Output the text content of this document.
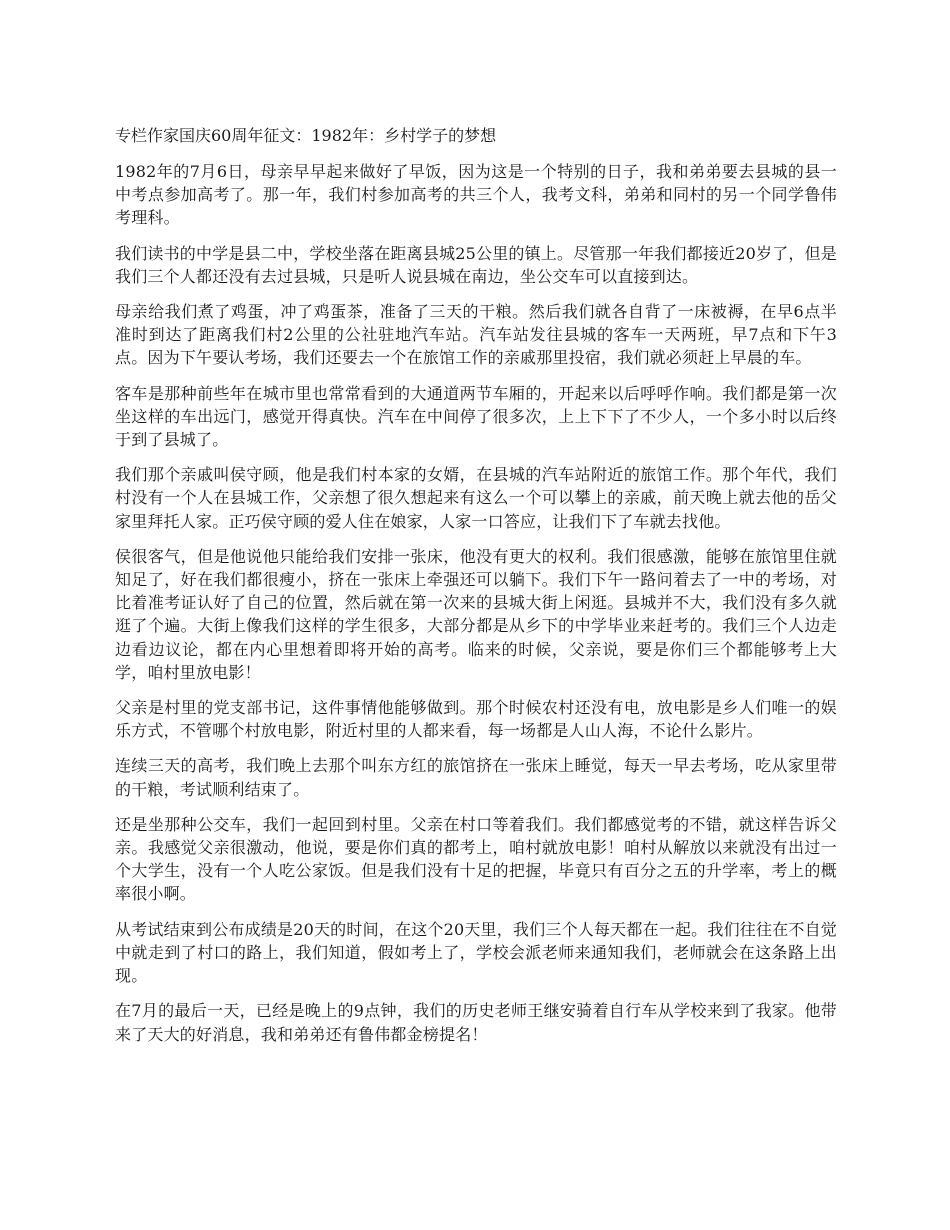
专栏作家国庆60周年征文：1982年：乡村学子的梦想

1982年的7月6日，母亲早早起来做好了早饭，因为这是一个特别的日子，我和弟弟要去县城的县一中考点参加高考了。那一年，我们村参加高考的共三个人，我考文科，弟弟和同村的另一个同学鲁伟考理科。

我们读书的中学是县二中，学校坐落在距离县城25公里的镇上。尽管那一年我们都接近20岁了，但是我们三个人都还没有去过县城，只是听人说县城在南边，坐公交车可以直接到达。

母亲给我们煮了鸡蛋，冲了鸡蛋茶，准备了三天的干粮。然后我们就各自背了一床被褥，在早6点半准时到达了距离我们村2公里的公社驻地汽车站。汽车站发往县城的客车一天两班，早7点和下午3点。因为下午要认考场，我们还要去一个在旅馆工作的亲戚那里投宿，我们就必须赶上早晨的车。

客车是那种前些年在城市里也常常看到的大通道两节车厢的，开起来以后呼呼作响。我们都是第一次坐这样的车出远门，感觉开得真快。汽车在中间停了很多次，上上下下了不少人，一个多小时以后终于到了县城了。

我们那个亲戚叫侯守顾，他是我们村本家的女婿，在县城的汽车站附近的旅馆工作。那个年代，我们村没有一个人在县城工作，父亲想了很久想起来有这么一个可以攀上的亲戚，前天晚上就去他的岳父家里拜托人家。正巧侯守顾的爱人住在娘家，人家一口答应，让我们下了车就去找他。

侯很客气，但是他说他只能给我们安排一张床，他没有更大的权利。我们很感激，能够在旅馆里住就知足了，好在我们都很瘦小，挤在一张床上牵强还可以躺下。我们下午一路问着去了一中的考场，对比着准考证认好了自己的位置，然后就在第一次来的县城大街上闲逛。县城并不大，我们没有多久就逛了个遍。大街上像我们这样的学生很多，大部分都是从乡下的中学毕业来赶考的。我们三个人边走边看边议论，都在内心里想着即将开始的高考。临来的时候，父亲说，要是你们三个都能够考上大学，咱村里放电影！

父亲是村里的党支部书记，这件事情他能够做到。那个时候农村还没有电，放电影是乡人们唯一的娱乐方式，不管哪个村放电影，附近村里的人都来看，每一场都是人山人海，不论什么影片。

连续三天的高考，我们晚上去那个叫东方红的旅馆挤在一张床上睡觉，每天一早去考场，吃从家里带的干粮，考试顺利结束了。

还是坐那种公交车，我们一起回到村里。父亲在村口等着我们。我们都感觉考的不错，就这样告诉父亲。我感觉父亲很激动，他说，要是你们真的都考上，咱村就放电影！咱村从解放以来就没有出过一个大学生，没有一个人吃公家饭。但是我们没有十足的把握，毕竟只有百分之五的升学率，考上的概率很小啊。

从考试结束到公布成绩是20天的时间，在这个20天里，我们三个人每天都在一起。我们往往在不自觉中就走到了村口的路上，我们知道，假如考上了，学校会派老师来通知我们，老师就会在这条路上出现。

在7月的最后一天，已经是晚上的9点钟，我们的历史老师王继安骑着自行车从学校来到了我家。他带来了天大的好消息，我和弟弟还有鲁伟都金榜提名！
